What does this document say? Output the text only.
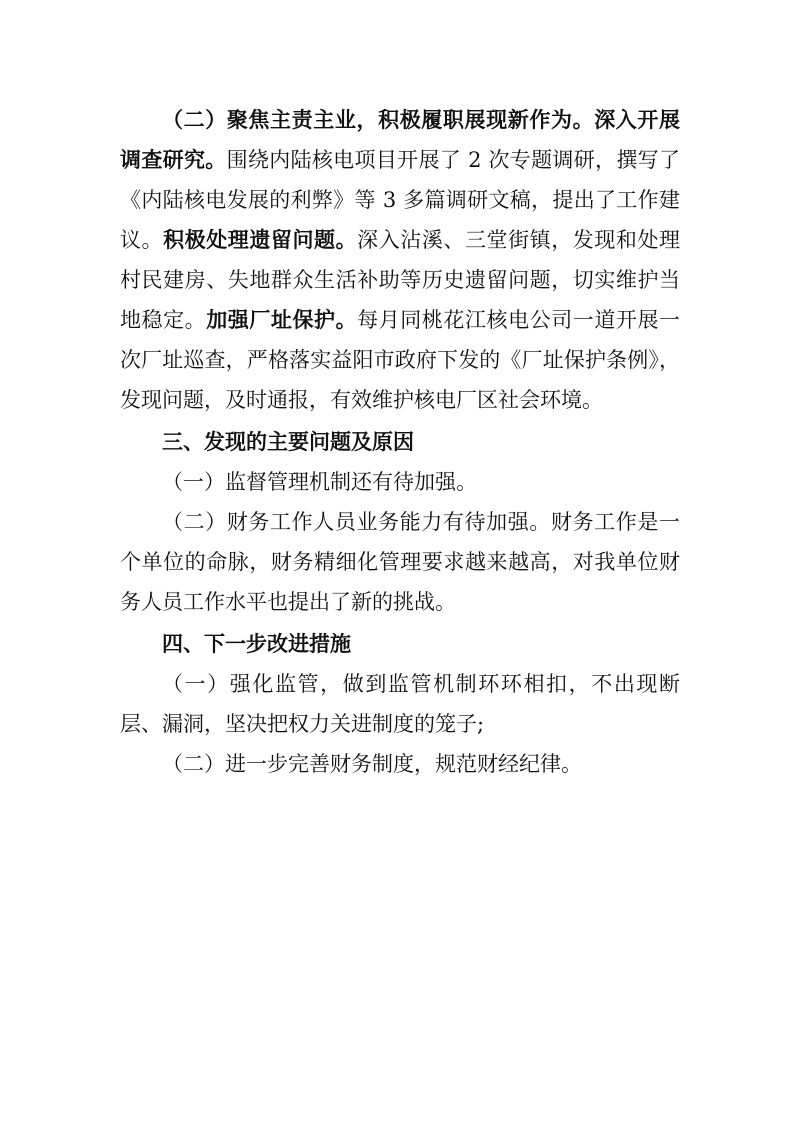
（二）聚焦主责主业，积极履职展现新作为。深入开展调查研究。围绕内陆核电项目开展了 2 次专题调研，撰写了《内陆核电发展的利弊》等 3 多篇调研文稿，提出了工作建议。积极处理遗留问题。深入沾溪、三堂街镇，发现和处理村民建房、失地群众生活补助等历史遗留问题，切实维护当地稳定。加强厂址保护。每月同桃花江核电公司一道开展一次厂址巡查，严格落实益阳市政府下发的《厂址保护条例》，发现问题，及时通报，有效维护核电厂区社会环境。

三、发现的主要问题及原因

（一）监督管理机制还有待加强。

（二）财务工作人员业务能力有待加强。财务工作是一个单位的命脉，财务精细化管理要求越来越高，对我单位财务人员工作水平也提出了新的挑战。

四、下一步改进措施

（一）强化监管，做到监管机制环环相扣，不出现断层、漏洞，坚决把权力关进制度的笼子;

（二）进一步完善财务制度，规范财经纪律。
